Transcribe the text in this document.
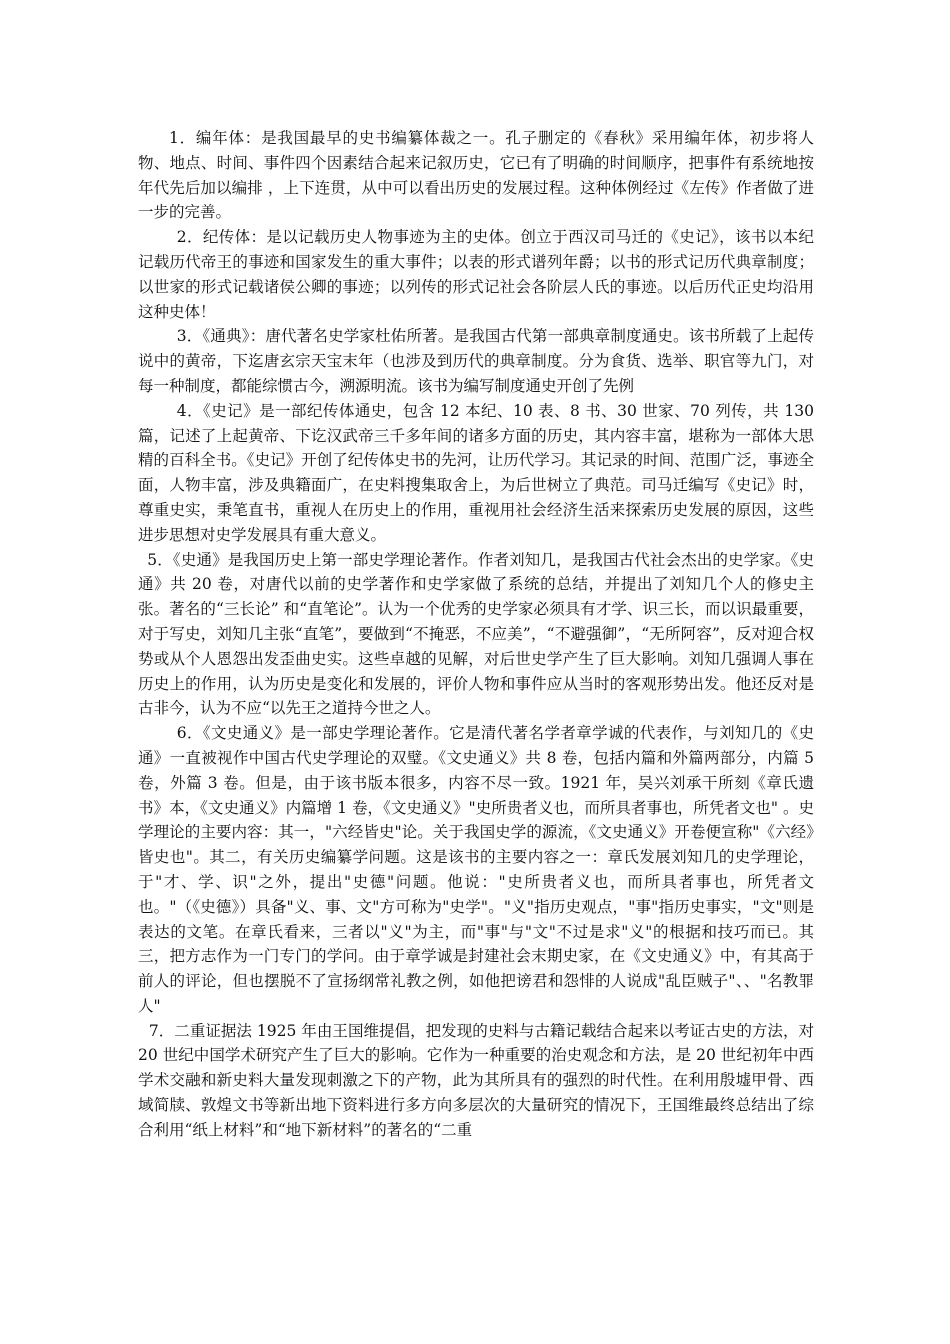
1．编年体：是我国最早的史书编纂体裁之一。孔子删定的《春秋》采用编年体，初步将人物、地点、时间、事件四个因素结合起来记叙历史，它已有了明确的时间顺序，把事件有系统地按年代先后加以编排 ，上下连贯，从中可以看出历史的发展过程。这种体例经过《左传》作者做了进一步的完善。

2．纪传体：是以记载历史人物事迹为主的史体。创立于西汉司马迁的《史记》，该书以本纪记载历代帝王的事迹和国家发生的重大事件；以表的形式谱列年爵；以书的形式记历代典章制度；以世家的形式记载诸侯公卿的事迹；以列传的形式记社会各阶层人氏的事迹。以后历代正史均沿用这种史体！

3．《通典》：唐代著名史学家杜佑所著。是我国古代第一部典章制度通史。该书所载了上起传说中的黄帝，下迄唐玄宗天宝末年（也涉及到历代的典章制度。分为食货、选举、职官等九门，对每一种制度，都能综惯古今，溯源明流。该书为编写制度通史开创了先例

4．《史记》是一部纪传体通史，包含 12 本纪、10 表、8 书、30 世家、70 列传，共 130 篇，记述了上起黄帝、下讫汉武帝三千多年间的诸多方面的历史，其内容丰富，堪称为一部体大思精的百科全书。《史记》开创了纪传体史书的先河，让历代学习。其记录的时间、范围广泛，事迹全面，人物丰富，涉及典籍面广，在史料搜集取舍上，为后世树立了典范。司马迁编写《史记》时，尊重史实，秉笔直书，重视人在历史上的作用，重视用社会经济生活来探索历史发展的原因，这些进步思想对史学发展具有重大意义。

5．《史通》是我国历史上第一部史学理论著作。作者刘知几，是我国古代社会杰出的史学家。《史通》共 20 卷，对唐代以前的史学著作和史学家做了系统的总结，并提出了刘知几个人的修史主张。著名的“三长论” 和“直笔论”。认为一个优秀的史学家必须具有才学、识三长，而以识最重要，对于写史，刘知几主张“直笔”，要做到“不掩恶，不应美”，“不避强御”，“无所阿容”，反对迎合权势或从个人恩怨出发歪曲史实。这些卓越的见解，对后世史学产生了巨大影响。刘知几强调人事在历史上的作用，认为历史是变化和发展的，评价人物和事件应从当时的客观形势出发。他还反对是古非今，认为不应“以先王之道持今世之人。

6．《文史通义》是一部史学理论著作。它是清代著名学者章学诚的代表作，与刘知几的《史通》一直被视作中国古代史学理论的双璧。《文史通义》共 8 卷，包括内篇和外篇两部分，内篇 5 卷，外篇 3 卷。但是，由于该书版本很多，内容不尽一致。1921 年，吴兴刘承干所刻《章氏遗书》本，《文史通义》内篇增 1 卷，《文史通义》"史所贵者义也，而所具者事也，所凭者文也" 。史学理论的主要内容：其一，"六经皆史"论。关于我国史学的源流，《文史通义》开卷便宣称"《六经》皆史也"。其二，有关历史编纂学问题。这是该书的主要内容之一：章氏发展刘知几的史学理论，于"才、学、识"之外，提出"史德"问题。他说："史所贵者义也，而所具者事也，所凭者文也。"（《史德》）具备"义、事、文"方可称为"史学"。"义"指历史观点，"事"指历史事实，"文"则是表达的文笔。在章氏看来，三者以"义"为主，而"事"与"文"不过是求"义"的根据和技巧而已。其三，把方志作为一门专门的学问。由于章学诚是封建社会末期史家，在《文史通义》中，有其高于前人的评论，但也摆脱不了宣扬纲常礼教之例，如他把谤君和怨悱的人说成"乱臣贼子"、、"名教罪人"

7．二重证据法 1925 年由王国维提倡，把发现的史料与古籍记载结合起来以考证古史的方法，对 20 世纪中国学术研究产生了巨大的影响。它作为一种重要的治史观念和方法，是 20 世纪初年中西学术交融和新史料大量发现刺激之下的产物，此为其所具有的强烈的时代性。在利用殷墟甲骨、西域简牍、敦煌文书等新出地下资料进行多方向多层次的大量研究的情况下，王国维最终总结出了综合利用“纸上材料”和“地下新材料”的著名的“二重
